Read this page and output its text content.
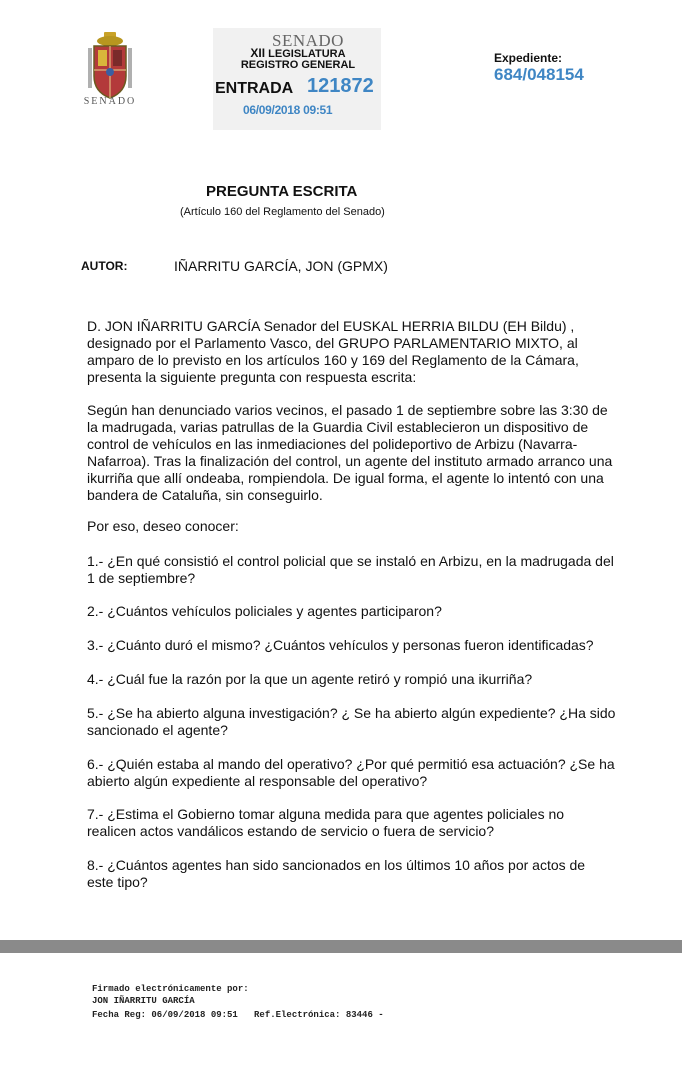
SENADO
SENADO
XII LEGISLATURA
REGISTRO GENERAL
ENTRADA 121872
06/09/2018 09:51
Expediente:
684/048154
PREGUNTA ESCRITA
(Artículo 160 del Reglamento del Senado)
AUTOR:	IÑARRITU GARCÍA, JON (GPMX)
D. JON IÑARRITU GARCÍA Senador del EUSKAL HERRIA BILDU (EH Bildu) ,
designado por el Parlamento Vasco, del GRUPO PARLAMENTARIO MIXTO, al
amparo de lo previsto en los artículos 160 y 169 del Reglamento de la Cámara,
presenta la siguiente pregunta con respuesta escrita:
Según han denunciado varios vecinos, el pasado 1 de septiembre sobre las 3:30 de
la madrugada, varias patrullas de la Guardia Civil establecieron un dispositivo de
control de vehículos en las inmediaciones del polideportivo de Arbizu (Navarra-
Nafarroa). Tras la finalización del control, un agente del instituto armado arranco una
ikurriña que allí ondeaba, rompiendola. De igual forma, el agente lo intentó con una
bandera de Cataluña, sin conseguirlo.
Por eso, deseo conocer:
1.- ¿En qué consistió el control policial que se instaló en Arbizu, en la madrugada del
1 de septiembre?
2.- ¿Cuántos vehículos policiales y agentes participaron?
3.- ¿Cuánto duró el mismo? ¿Cuántos vehículos y personas fueron identificadas?
4.- ¿Cuál fue la razón por la que un agente retiró y rompió una ikurriña?
5.- ¿Se ha abierto alguna investigación? ¿ Se ha abierto algún expediente? ¿Ha sido
sancionado el agente?
6.- ¿Quién estaba al mando del operativo? ¿Por qué permitió esa actuación? ¿Se ha
abierto algún expediente al responsable del operativo?
7.- ¿Estima el Gobierno tomar alguna medida para que agentes policiales no
realicen actos vandálicos estando de servicio o fuera de servicio?
8.- ¿Cuántos agentes han sido sancionados en los últimos 10 años por actos de
este tipo?
Firmado electrónicamente por:
JON IÑARRITU GARCÍA
Fecha Reg: 06/09/2018 09:51   Ref.Electrónica: 83446 -
